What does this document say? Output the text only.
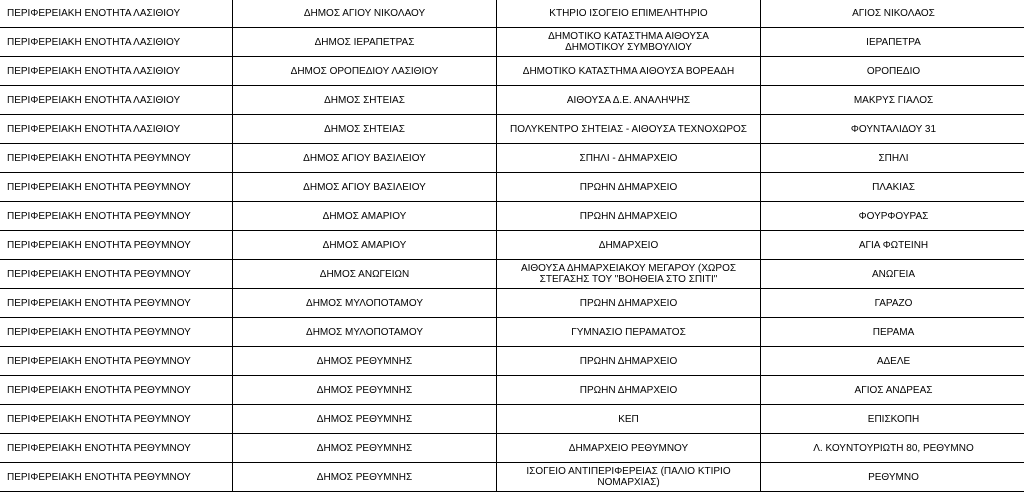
ΠΕΡΙΦΕΡΕΙΑΚΗ ΕΝΟΤΗΤΑ ΛΑΣΙΘΙΟΥ	ΔΗΜΟΣ ΑΓΙΟΥ ΝΙΚΟΛΑΟΥ	ΚΤΗΡΙΟ ΙΣΟΓΕΙΟ ΕΠΙΜΕΛΗΤΗΡΙΟ	ΑΓΙΟΣ ΝΙΚΟΛΑΟΣ
ΠΕΡΙΦΕΡΕΙΑΚΗ ΕΝΟΤΗΤΑ ΛΑΣΙΘΙΟΥ	ΔΗΜΟΣ ΙΕΡΑΠΕΤΡΑΣ	ΔΗΜΟΤΙΚΟ ΚΑΤΑΣΤΗΜΑ ΑΙΘΟΥΣΑ ΔΗΜΟΤΙΚΟΥ ΣΥΜΒΟΥΛΙΟΥ	ΙΕΡΑΠΕΤΡΑ
ΠΕΡΙΦΕΡΕΙΑΚΗ ΕΝΟΤΗΤΑ ΛΑΣΙΘΙΟΥ	ΔΗΜΟΣ ΟΡΟΠΕΔΙΟΥ ΛΑΣΙΘΙΟΥ	ΔΗΜΟΤΙΚΟ ΚΑΤΑΣΤΗΜΑ ΑΙΘΟΥΣΑ ΒΟΡΕΑΔΗ	ΟΡΟΠΕΔΙΟ
ΠΕΡΙΦΕΡΕΙΑΚΗ ΕΝΟΤΗΤΑ ΛΑΣΙΘΙΟΥ	ΔΗΜΟΣ ΣΗΤΕΙΑΣ	ΑΙΘΟΥΣΑ Δ.Ε. ΑΝΑΛΗΨΗΣ	ΜΑΚΡΥΣ ΓΙΑΛΟΣ
ΠΕΡΙΦΕΡΕΙΑΚΗ ΕΝΟΤΗΤΑ ΛΑΣΙΘΙΟΥ	ΔΗΜΟΣ ΣΗΤΕΙΑΣ	ΠΟΛΥΚΕΝΤΡΟ ΣΗΤΕΙΑΣ - ΑΙΘΟΥΣΑ ΤΕΧΝΟΧΩΡΟΣ	ΦΟΥΝΤΑΛΙΔΟΥ 31
ΠΕΡΙΦΕΡΕΙΑΚΗ ΕΝΟΤΗΤΑ ΡΕΘΥΜΝΟΥ	ΔΗΜΟΣ ΑΓΙΟΥ ΒΑΣΙΛΕΙΟΥ	ΣΠΗΛΙ - ΔΗΜΑΡΧΕΙΟ	ΣΠΗΛΙ
ΠΕΡΙΦΕΡΕΙΑΚΗ ΕΝΟΤΗΤΑ ΡΕΘΥΜΝΟΥ	ΔΗΜΟΣ ΑΓΙΟΥ ΒΑΣΙΛΕΙΟΥ	ΠΡΩΗΝ ΔΗΜΑΡΧΕΙΟ	ΠΛΑΚΙΑΣ
ΠΕΡΙΦΕΡΕΙΑΚΗ ΕΝΟΤΗΤΑ ΡΕΘΥΜΝΟΥ	ΔΗΜΟΣ ΑΜΑΡΙΟΥ	ΠΡΩΗΝ ΔΗΜΑΡΧΕΙΟ	ΦΟΥΡΦΟΥΡΑΣ
ΠΕΡΙΦΕΡΕΙΑΚΗ ΕΝΟΤΗΤΑ ΡΕΘΥΜΝΟΥ	ΔΗΜΟΣ ΑΜΑΡΙΟΥ	ΔΗΜΑΡΧΕΙΟ	ΑΓΙΑ ΦΩΤΕΙΝΗ
ΠΕΡΙΦΕΡΕΙΑΚΗ ΕΝΟΤΗΤΑ ΡΕΘΥΜΝΟΥ	ΔΗΜΟΣ ΑΝΩΓΕΙΩΝ	ΑΙΘΟΥΣΑ ΔΗΜΑΡΧΕΙΑΚΟΥ ΜΕΓΑΡΟΥ (ΧΩΡΟΣ ΣΤΕΓΑΣΗΣ ΤΟΥ "ΒΟΗΘΕΙΑ ΣΤΟ ΣΠΙΤΙ"	ΑΝΩΓΕΙΑ
ΠΕΡΙΦΕΡΕΙΑΚΗ ΕΝΟΤΗΤΑ ΡΕΘΥΜΝΟΥ	ΔΗΜΟΣ ΜΥΛΟΠΟΤΑΜΟΥ	ΠΡΩΗΝ ΔΗΜΑΡΧΕΙΟ	ΓΑΡΑΖΟ
ΠΕΡΙΦΕΡΕΙΑΚΗ ΕΝΟΤΗΤΑ ΡΕΘΥΜΝΟΥ	ΔΗΜΟΣ ΜΥΛΟΠΟΤΑΜΟΥ	ΓΥΜΝΑΣΙΟ ΠΕΡΑΜΑΤΟΣ	ΠΕΡΑΜΑ
ΠΕΡΙΦΕΡΕΙΑΚΗ ΕΝΟΤΗΤΑ ΡΕΘΥΜΝΟΥ	ΔΗΜΟΣ ΡΕΘΥΜΝΗΣ	ΠΡΩΗΝ ΔΗΜΑΡΧΕΙΟ	ΑΔΕΛΕ
ΠΕΡΙΦΕΡΕΙΑΚΗ ΕΝΟΤΗΤΑ ΡΕΘΥΜΝΟΥ	ΔΗΜΟΣ ΡΕΘΥΜΝΗΣ	ΠΡΩΗΝ ΔΗΜΑΡΧΕΙΟ	ΑΓΙΟΣ ΑΝΔΡΕΑΣ
ΠΕΡΙΦΕΡΕΙΑΚΗ ΕΝΟΤΗΤΑ ΡΕΘΥΜΝΟΥ	ΔΗΜΟΣ ΡΕΘΥΜΝΗΣ	ΚΕΠ	ΕΠΙΣΚΟΠΗ
ΠΕΡΙΦΕΡΕΙΑΚΗ ΕΝΟΤΗΤΑ ΡΕΘΥΜΝΟΥ	ΔΗΜΟΣ ΡΕΘΥΜΝΗΣ	ΔΗΜΑΡΧΕΙΟ ΡΕΘΥΜΝΟΥ	Λ. ΚΟΥΝΤΟΥΡΙΩΤΗ 80, ΡΕΘΥΜΝΟ
ΠΕΡΙΦΕΡΕΙΑΚΗ ΕΝΟΤΗΤΑ ΡΕΘΥΜΝΟΥ	ΔΗΜΟΣ ΡΕΘΥΜΝΗΣ	ΙΣΟΓΕΙΟ ΑΝΤΙΠΕΡΙΦΕΡΕΙΑΣ (ΠΑΛΙΟ ΚΤΙΡΙΟ ΝΟΜΑΡΧΙΑΣ)	ΡΕΘΥΜΝΟ
